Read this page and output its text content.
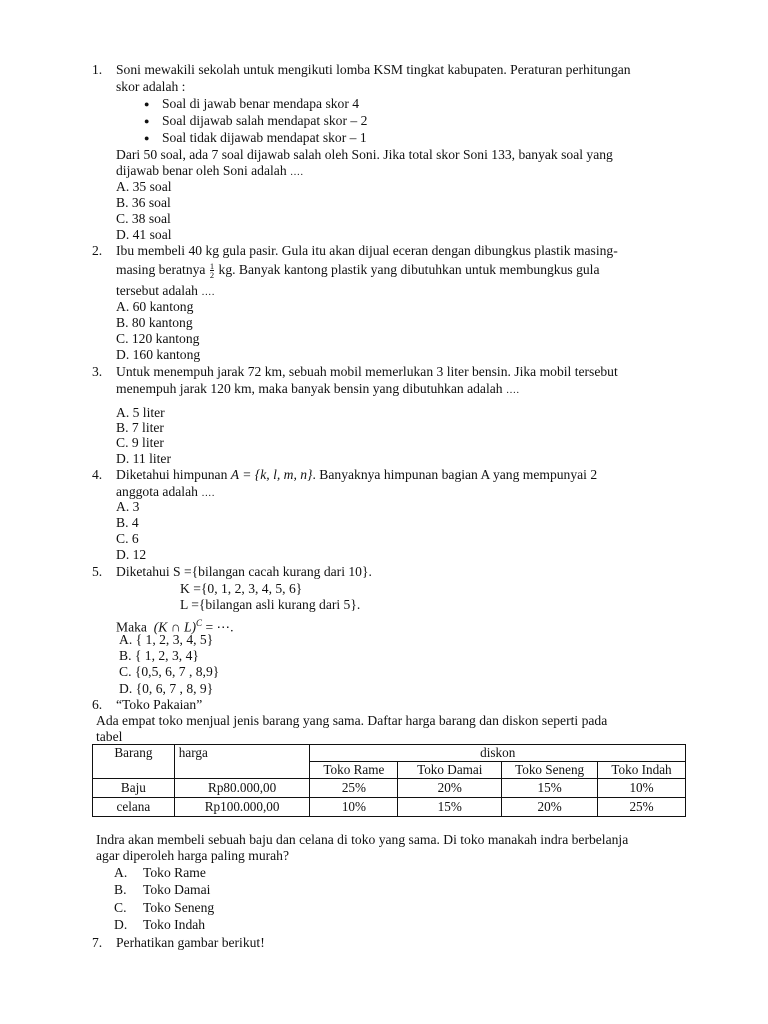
1. Soni mewakili sekolah untuk mengikuti lomba KSM tingkat kabupaten. Peraturan perhitungan
skor adalah :
● Soal di jawab benar mendapa skor 4
● Soal dijawab salah mendapat skor – 2
● Soal tidak dijawab mendapat skor – 1
Dari 50 soal, ada 7 soal dijawab salah oleh Soni. Jika total skor Soni 133, banyak soal yang
dijawab benar oleh Soni adalah ….
A. 35 soal
B. 36 soal
C. 38 soal
D. 41 soal
2. Ibu membeli 40 kg gula pasir. Gula itu akan dijual eceran dengan dibungkus plastik masing-
masing beratnya $\frac{1}{2}$ kg. Banyak kantong plastik yang dibutuhkan untuk membungkus gula
tersebut adalah ….
A. 60 kantong
B. 80 kantong
C. 120 kantong
D. 160 kantong
3. Untuk menempuh jarak 72 km, sebuah mobil memerlukan 3 liter bensin. Jika mobil tersebut
menempuh jarak 120 km, maka banyak bensin yang dibutuhkan adalah ….
A. 5 liter
B. 7 liter
C. 9 liter
D. 11 liter
4. Diketahui himpunan A = {k, l, m, n}. Banyaknya himpunan bagian A yang mempunyai 2
anggota adalah ….
A. 3
B. 4
C. 6
D. 12
5. Diketahui S ={bilangan cacah kurang dari 10}.
K ={0, 1, 2, 3, 4, 5, 6}
L ={bilangan asli kurang dari 5}.
Maka (K ∩ L)$^C$ = ⋯.
A. { 1, 2, 3, 4, 5}
B. { 1, 2, 3, 4}
C. {0,5, 6, 7 , 8,9}
D. {0, 6, 7 , 8, 9}
6. “Toko Pakaian”
Ada empat toko menjual jenis barang yang sama. Daftar harga barang dan diskon seperti pada
tabel
Barang	harga	diskon			
		Toko Rame	Toko Damai	Toko Seneng	Toko Indah
Baju	Rp80.000,00	25%	20%	15%	10%
celana	Rp100.000,00	10%	15%	20%	25%
Indra akan membeli sebuah baju dan celana di toko yang sama. Di toko manakah indra berbelanja
agar diperoleh harga paling murah?
A. Toko Rame
B. Toko Damai
C. Toko Seneng
D. Toko Indah
7. Perhatikan gambar berikut!
